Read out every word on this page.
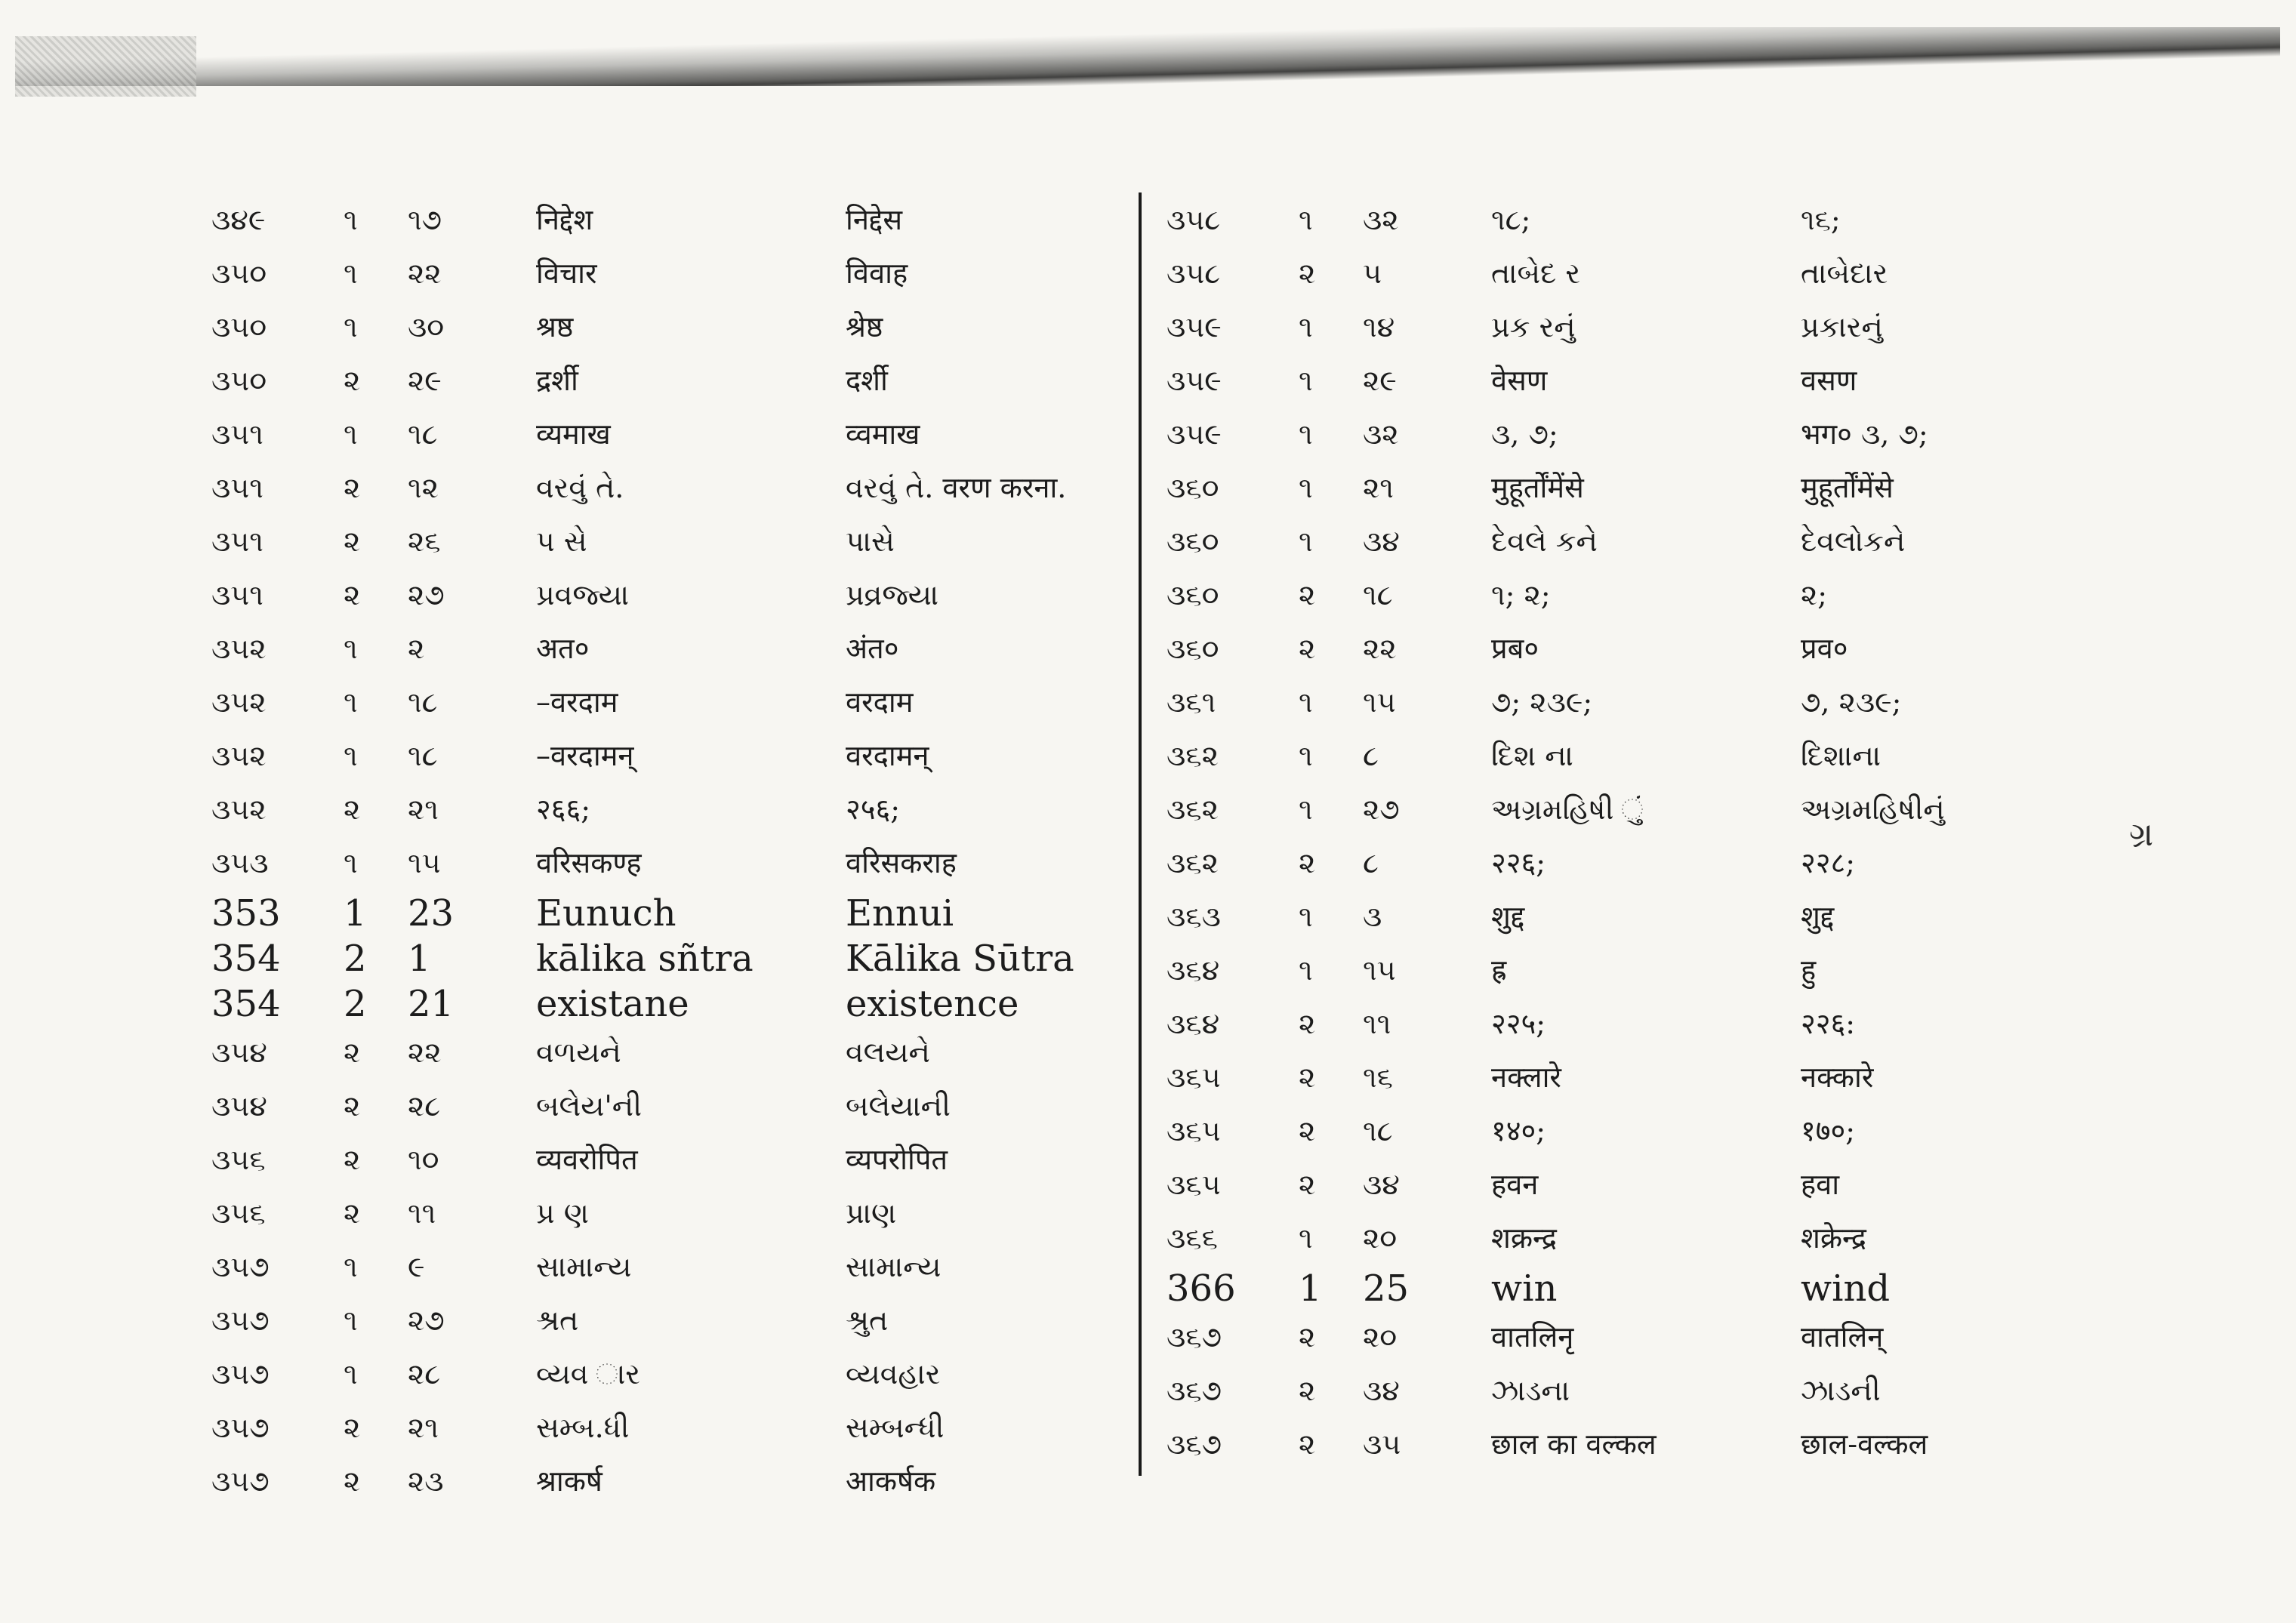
૩૪૯	૧ ૧૭	निद्देश	निद्देस
૩૫૦	૧ ૨૨	विचार	विवाह
૩૫૦	૧ ૩૦	श्रष्ठ	श्रेष्ठ
૩૫૦	૨ ૨૯	द्रर्शी	दर्शी
૩૫૧	૧ ૧૮	व्यमाख	व्वमाख
૩૫૧	૨ ૧૨	વરવું તે.	વરવું તે. वरण करना.
૩૫૧	૨ ૨૬	પ સે	પાસે
૩૫૧	૨ ૨૭	પ્રવજ્યા	પ્રવ્રજ્યા
૩૫૨	૧ ૨	अत०	अंत०
૩૫૨	૧ ૧૮	–वरदाम	वरदाम
૩૫૨	૧ ૧૮	–वरदामन्	वरदामन्
૩૫૨	૨ ૨૧	२६६;	२५६;
૩૫૩	૧ ૧૫	वरिसकण्ह	वरिसकराह
353 1 23 Eunuch	Ennui
354 2 1	kālika sñtra	Kālika Sūtra
354 2 21 existane	existence
૩૫૪	૨ ૨૨	વળયને	વલયને
૩૫૪	૨ ૨૮	બલેય'ની	બલેયાની
૩૫૬	૨ ૧૦	व्यवरोपित	व्यपरोपित
૩૫૬	૨ ૧૧	પ્ર ણ	પ્રાણ
૩૫૭	૧ ૯	સામાન્ય	સામાન્ય
૩૫૭	૧ ૨૭	શ્રત	શ્રુત
૩૫૭	૧ ૨૮	વ્યવ ાર	વ્યવહાર
૩૫૭	૨ ૨૧	સમ્બ.ધી	સમ્બન્ધી
૩૫૭	૨ ૨૩	श्राकर्ष	आकर्षक
૩૫૮	૧ ૩૨	૧૮;	૧૬;
૩૫૮	૨ ૫	તાબેદ ર	તાબેદાર
૩૫૯	૧ ૧૪	પ્રક રનું	પ્રકારનું
૩૫૯	૧ ૨૯	वेसण	वसण
૩૫૯	૧ ૩૨	૩, ૭;	भग० ૩, ૭;
૩૬૦	૧ ૨૧	मुहूर्तोंमेंसे	मुहूर्तोंमेंसे
૩૬૦	૧ ૩૪	દેવલે કને	દેવલોકને
૩૬૦	૨ ૧૮	૧; ૨;	૨;
૩૬૦	૨ ૨૨	प्रब०	प्रव०
૩૬૧	૧ ૧૫	૭; ૨૩૯;	૭, ૨૩૯;
૩૬૨	૧ ૮	દિશ ના	દિશાના
૩૬૨	૧ ૨૭	અગ્રમહિષી ું	અગ્રમહિષીનું
૩૬૨	૨ ૮	२२६;	२२८;
૩૬૩	૧ ૩	शुद्द	शुद्द
૩૬૪	૧ ૧૫	ह्र	हु
૩૬૪	૨ ૧૧	२२५;	२२६:
૩૬૫	૨ ૧૬	नक्लारे	नक्कारे
૩૬૫	૨ ૧૮	१४०;	१७०;
૩૬૫	૨ ૩૪	हवन	हवा
૩૬૬	૧ ૨૦	शक्रन्द्र	शक्रेन्द्र
366 1 25 win	wind
૩૬૭	૨ ૨૦	वातलिनृ	वातलिन्
૩૬૭	૨ ૩૪	ઝાડના	ઝાડની
૩૬૭	૨ ૩૫	छाल का वल्कल	छाल-वल्कल
ગ્ર
